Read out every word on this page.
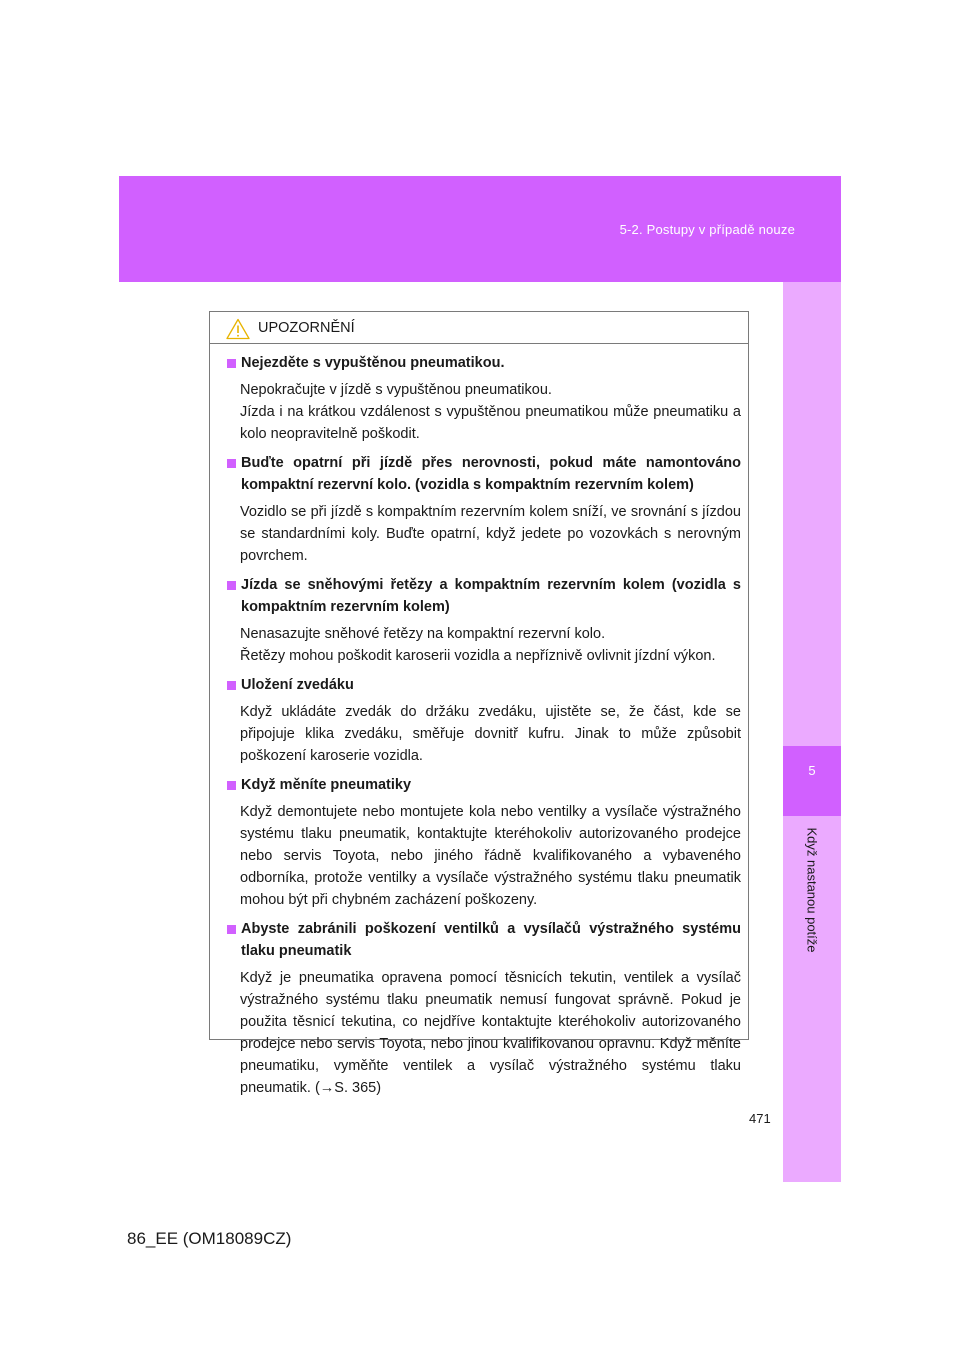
5-2. Postupy v případě nouze
5
Když nastanou potíže
UPOZORNĚNÍ
Nejezděte s vypuštěnou pneumatikou.
Nepokračujte v jízdě s vypuštěnou pneumatikou.
Jízda i na krátkou vzdálenost s vypuštěnou pneumatikou může pneumatiku a kolo neopravitelně poškodit.
Buďte opatrní při jízdě přes nerovnosti, pokud máte namontováno kompaktní rezervní kolo. (vozidla s kompaktním rezervním kolem)
Vozidlo se při jízdě s kompaktním rezervním kolem sníží, ve srovnání s jízdou se standardními koly. Buďte opatrní, když jedete po vozovkách s nerovným povrchem.
Jízda se sněhovými řetězy a kompaktním rezervním kolem (vozidla s kompaktním rezervním kolem)
Nenasazujte sněhové řetězy na kompaktní rezervní kolo.
Řetězy mohou poškodit karoserii vozidla a nepříznivě ovlivnit jízdní výkon.
Uložení zvedáku
Když ukládáte zvedák do držáku zvedáku, ujistěte se, že část, kde se připojuje klika zvedáku, směřuje dovnitř kufru. Jinak to může způsobit poškození karoserie vozidla.
Když měníte pneumatiky
Když demontujete nebo montujete kola nebo ventilky a vysílače výstražného systému tlaku pneumatik, kontaktujte kteréhokoliv autorizovaného prodejce nebo servis Toyota, nebo jiného řádně kvalifikovaného a vybaveného odborníka, protože ventilky a vysílače výstražného systému tlaku pneumatik mohou být při chybném zacházení poškozeny.
Abyste zabránili poškození ventilků a vysílačů výstražného systému tlaku pneumatik
Když je pneumatika opravena pomocí těsnicích tekutin, ventilek a vysílač výstražného systému tlaku pneumatik nemusí fungovat správně. Pokud je použita těsnicí tekutina, co nejdříve kontaktujte kteréhokoliv autorizovaného prodejce nebo servis Toyota, nebo jinou kvalifikovanou opravnu. Když měníte pneumatiku, vyměňte ventilek a vysílač výstražného systému tlaku pneumatik. (→S. 365)
471
86_EE (OM18089CZ)
